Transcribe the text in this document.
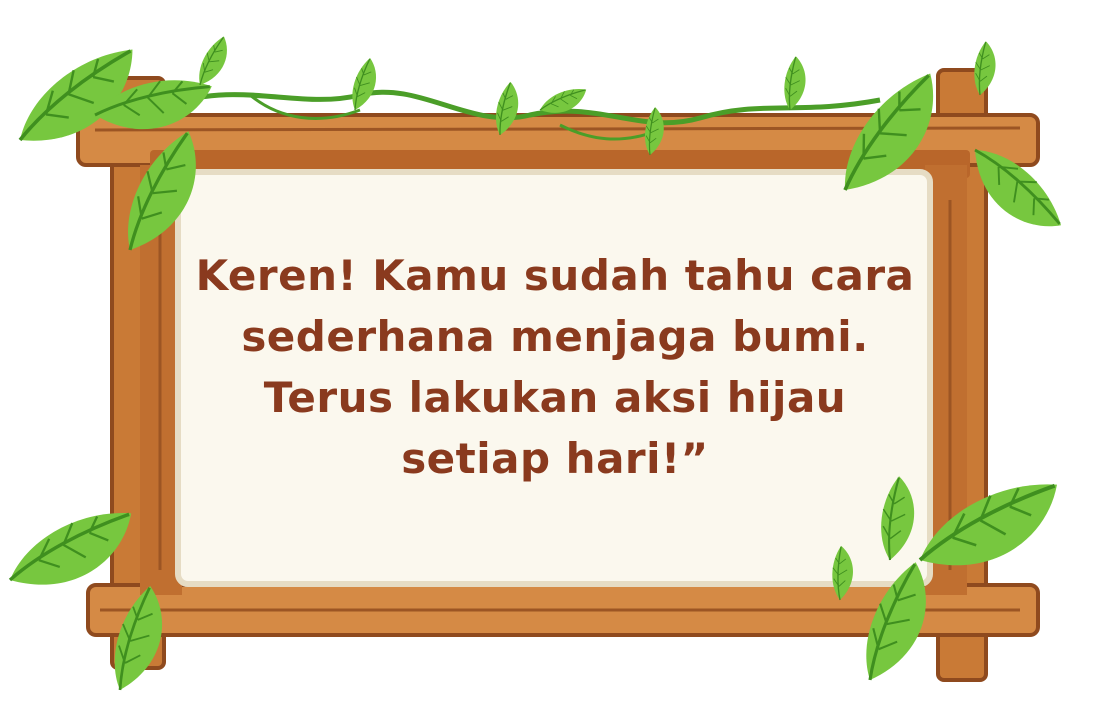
Keren! Kamu sudah tahu cara
sederhana menjaga bumi.
Terus lakukan aksi hijau
setiap hari!”
